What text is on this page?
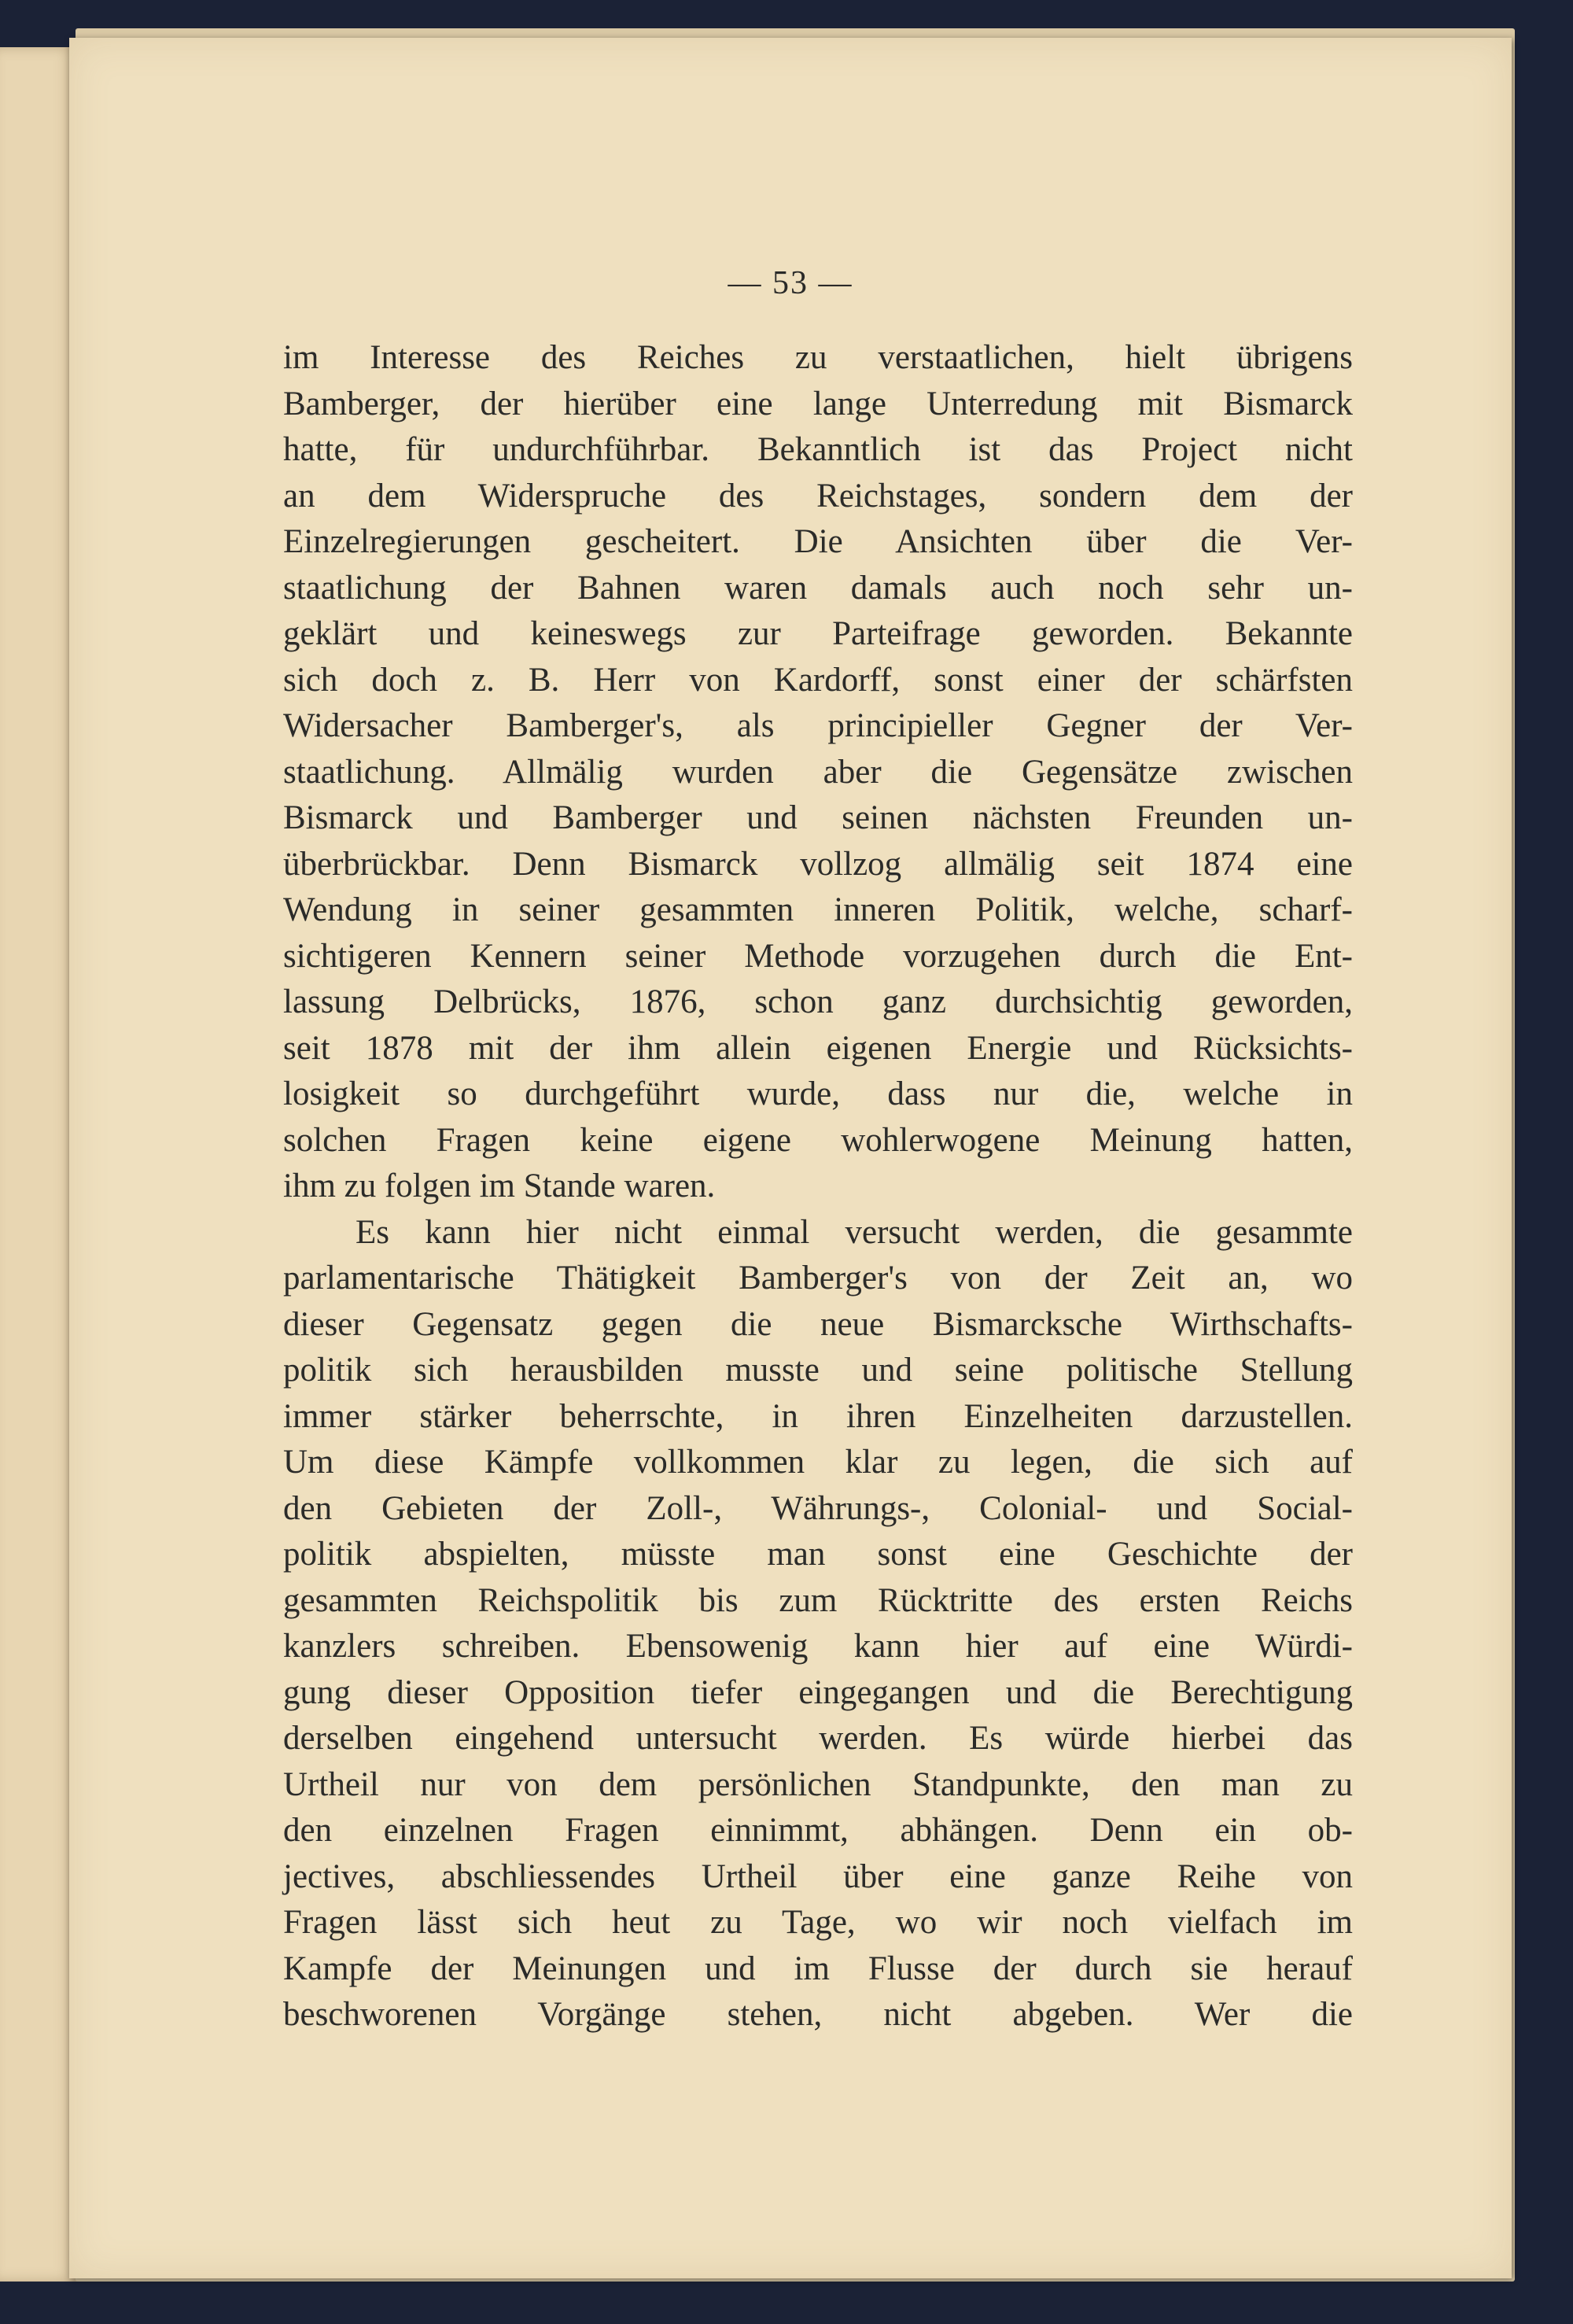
— 53 —
im Interesse des Reiches zu verstaatlichen, hielt übrigens
Bamberger, der hierüber eine lange Unterredung mit Bismarck
hatte, für undurchführbar. Bekanntlich ist das Project nicht
an dem Widerspruche des Reichstages, sondern dem der
Einzelregierungen gescheitert. Die Ansichten über die Ver-
staatlichung der Bahnen waren damals auch noch sehr un-
geklärt und keineswegs zur Parteifrage geworden. Bekannte
sich doch z. B. Herr von Kardorff, sonst einer der schärfsten
Widersacher Bamberger's, als principieller Gegner der Ver-
staatlichung. Allmälig wurden aber die Gegensätze zwischen
Bismarck und Bamberger und seinen nächsten Freunden un-
überbrückbar. Denn Bismarck vollzog allmälig seit 1874 eine
Wendung in seiner gesammten inneren Politik, welche, scharf-
sichtigeren Kennern seiner Methode vorzugehen durch die Ent-
lassung Delbrücks, 1876, schon ganz durchsichtig geworden,
seit 1878 mit der ihm allein eigenen Energie und Rücksichts-
losigkeit so durchgeführt wurde, dass nur die, welche in
solchen Fragen keine eigene wohlerwogene Meinung hatten,
ihm zu folgen im Stande waren.
Es kann hier nicht einmal versucht werden, die gesammte
parlamentarische Thätigkeit Bamberger's von der Zeit an, wo
dieser Gegensatz gegen die neue Bismarcksche Wirthschafts-
politik sich herausbilden musste und seine politische Stellung
immer stärker beherrschte, in ihren Einzelheiten darzustellen.
Um diese Kämpfe vollkommen klar zu legen, die sich auf
den Gebieten der Zoll-, Währungs-, Colonial- und Social-
politik abspielten, müsste man sonst eine Geschichte der
gesammten Reichspolitik bis zum Rücktritte des ersten Reichs
kanzlers schreiben. Ebensowenig kann hier auf eine Würdi-
gung dieser Opposition tiefer eingegangen und die Berechtigung
derselben eingehend untersucht werden. Es würde hierbei das
Urtheil nur von dem persönlichen Standpunkte, den man zu
den einzelnen Fragen einnimmt, abhängen. Denn ein ob-
jectives, abschliessendes Urtheil über eine ganze Reihe von
Fragen lässt sich heut zu Tage, wo wir noch vielfach im
Kampfe der Meinungen und im Flusse der durch sie herauf
beschworenen Vorgänge stehen, nicht abgeben. Wer die
